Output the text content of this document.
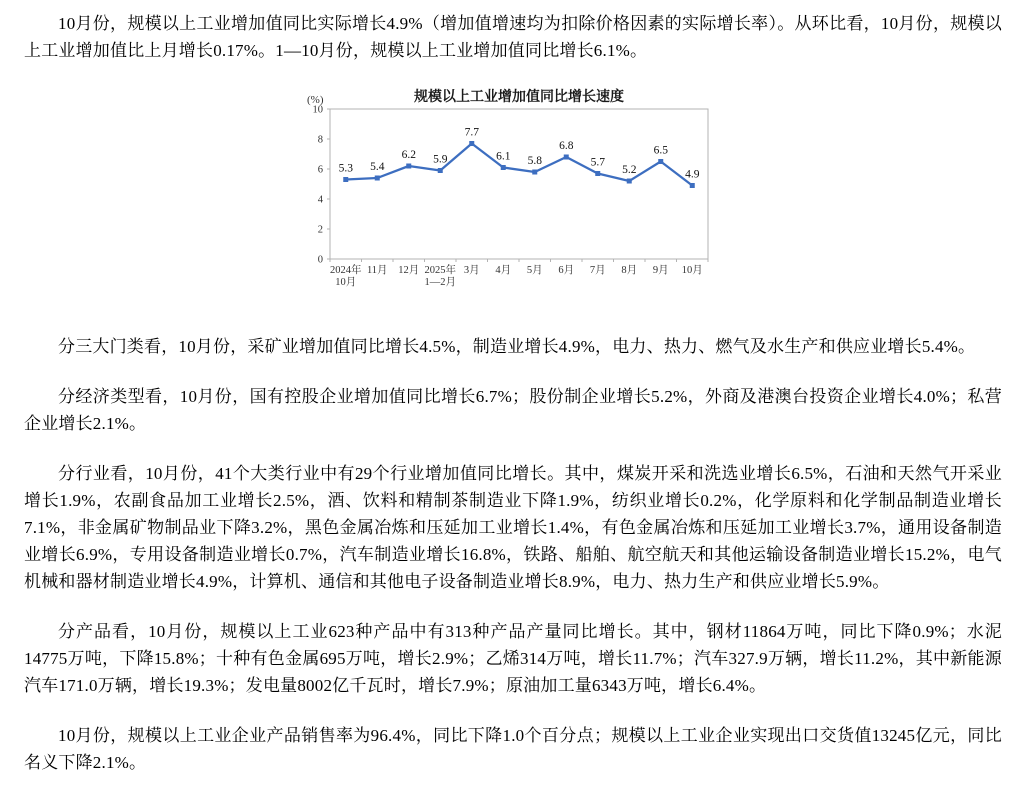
10月份，规模以上工业增加值同比实际增长4.9%（增加值增速均为扣除价格因素的实际增长率）。从环比看，10月份，规模以上工业增加值比上月增长0.17%。1—10月份，规模以上工业增加值同比增长6.1%。

规模以上工业增加值同比增长速度
(%)
0
2
4
6
8
10
2024年 10月
11月 12月 2025年 1—2月
3月 4月 5月 6月 7月 8月 9月 10月
5.3 5.4
6.2 5.9
7.7
6.1 5.8
6.8
5.7
5.2
6.5
4.9

分三大门类看，10月份，采矿业增加值同比增长4.5%，制造业增长4.9%，电力、热力、燃气及水生产和供应业增长5.4%。

分经济类型看，10月份，国有控股企业增加值同比增长6.7%；股份制企业增长5.2%，外商及港澳台投资企业增长4.0%；私营企业增长2.1%。

分行业看，10月份，41个大类行业中有29个行业增加值同比增长。其中，煤炭开采和洗选业增长6.5%，石油和天然气开采业增长1.9%，农副食品加工业增长2.5%，酒、饮料和精制茶制造业下降1.9%，纺织业增长0.2%，化学原料和化学制品制造业增长7.1%，非金属矿物制品业下降3.2%，黑色金属冶炼和压延加工业增长1.4%，有色金属冶炼和压延加工业增长3.7%，通用设备制造业增长6.9%，专用设备制造业增长0.7%，汽车制造业增长16.8%，铁路、船舶、航空航天和其他运输设备制造业增长15.2%，电气机械和器材制造业增长4.9%，计算机、通信和其他电子设备制造业增长8.9%，电力、热力生产和供应业增长5.9%。

分产品看，10月份，规模以上工业623种产品中有313种产品产量同比增长。其中，钢材11864万吨，同比下降0.9%；水泥14775万吨，下降15.8%；十种有色金属695万吨，增长2.9%；乙烯314万吨，增长11.7%；汽车327.9万辆，增长11.2%，其中新能源汽车171.0万辆，增长19.3%；发电量8002亿千瓦时，增长7.9%；原油加工量6343万吨，增长6.4%。

10月份，规模以上工业企业产品销售率为96.4%，同比下降1.0个百分点；规模以上工业企业实现出口交货值13245亿元，同比名义下降2.1%。
